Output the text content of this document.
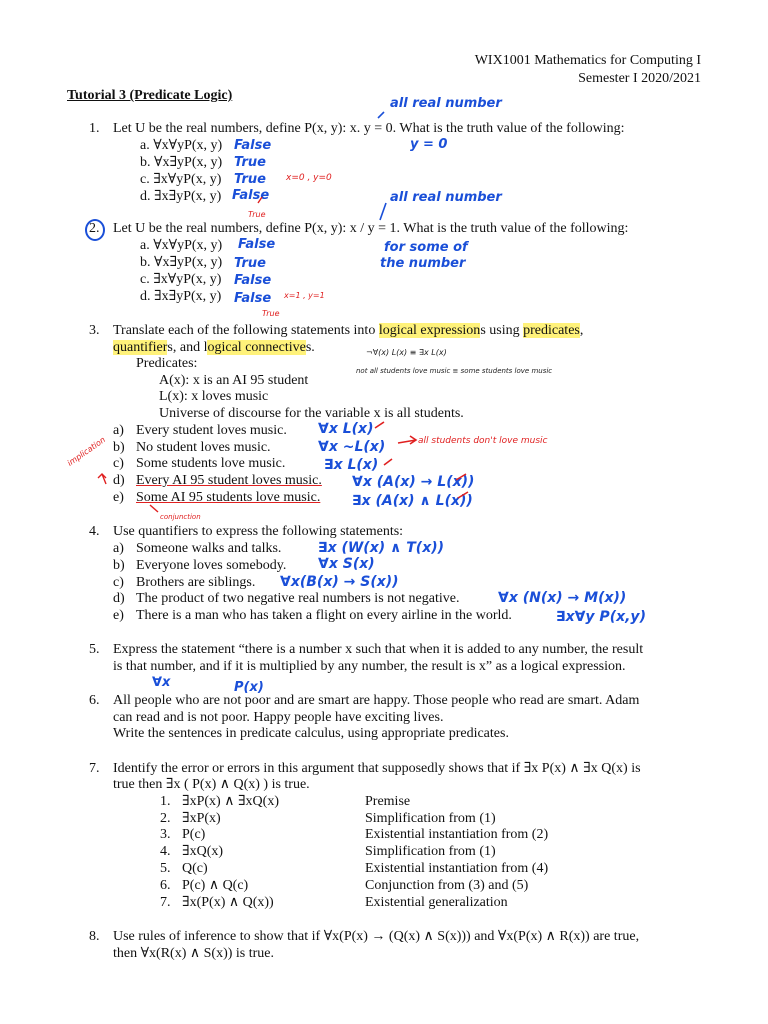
WIX1001 Mathematics for Computing I
Semester I 2020/2021
Tutorial 3 (Predicate Logic)
all real number
1. Let U be the real numbers, define P(x, y): x. y = 0. What is the truth value of the following:
y = 0
a. ∀x∀yP(x, y) False
b. ∀x∃yP(x, y) True
c. ∃x∀yP(x, y) True x=0 , y=0
d. ∃x∃yP(x, y) False
True
all real number
2. Let U be the real numbers, define P(x, y): x / y = 1. What is the truth value of the following:
a. ∀x∀yP(x, y) False	for some of
b. ∀x∃yP(x, y) True	the number
c. ∃x∀yP(x, y) False
d. ∃x∃yP(x, y) False x=1 , y=1
True
3. Translate each of the following statements into logical expressions using predicates,
quantifiers, and logical connectives.	¬∀(x) L(x) ≡ ∃x L(x)
Predicates:	not all students love music ≡ some students love music
A(x): x is an AI 95 student
L(x): x loves music
Universe of discourse for the variable x is all students.
a) Every student loves music. ∀x L(x)
b) No student loves music.	∀x ~L(x)	all students don't love music
implication c) Some students love music.	∃x L(x)
d) Every AI 95 student loves music. ∀x (A(x) → L(x))
e) Some AI 95 students love music. ∃x (A(x) ∧ L(x))
conjunction
4. Use quantifiers to express the following statements:
a) Someone walks and talks.	∃x (W(x) ∧ T(x))
b) Everyone loves somebody. ∀x S(x)
c) Brothers are siblings. ∀x(B(x) → S(x))
d) The product of two negative real numbers is not negative.	∀x (N(x) → M(x))
e) There is a man who has taken a flight on every airline in the world.	∃x∀y P(x,y)
5. Express the statement “there is a number x such that when it is added to any number, the result
is that number, and if it is multiplied by any number, the result is x” as a logical expression.
∀x	P(x)
6. All people who are not poor and are smart are happy. Those people who read are smart. Adam
can read and is not poor. Happy people have exciting lives.
Write the sentences in predicate calculus, using appropriate predicates.
7. Identify the error or errors in this argument that supposedly shows that if ∃x P(x) ∧ ∃x Q(x) is
true then ∃x ( P(x) ∧ Q(x) ) is true.
1. ∃xP(x) ∧ ∃xQ(x)	Premise
2. ∃xP(x)	Simplification from (1)
3. P(c)	Existential instantiation from (2)
4. ∃xQ(x)	Simplification from (1)
5. Q(c)	Existential instantiation from (4)
6. P(c) ∧ Q(c)	Conjunction from (3) and (5)
7. ∃x(P(x) ∧ Q(x))	Existential generalization
8. Use rules of inference to show that if ∀x(P(x) → (Q(x) ∧ S(x))) and ∀x(P(x) ∧ R(x)) are true,
then ∀x(R(x) ∧ S(x)) is true.
